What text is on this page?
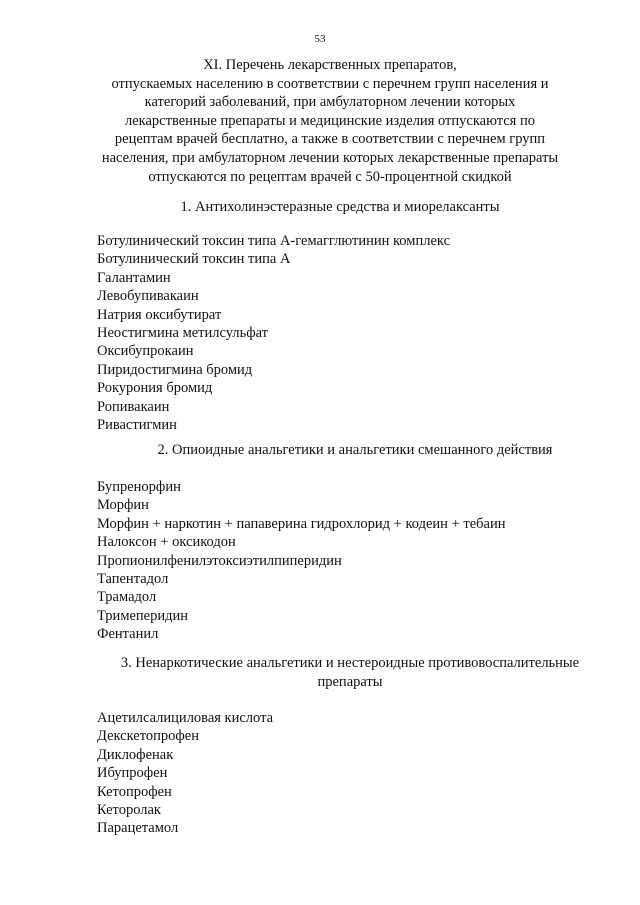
53
XI. Перечень лекарственных препаратов,
отпускаемых населению в соответствии с перечнем групп населения и
категорий заболеваний, при амбулаторном лечении которых
лекарственные препараты и медицинские изделия отпускаются по
рецептам врачей бесплатно, а также в соответствии с перечнем групп
населения, при амбулаторном лечении которых лекарственные препараты
отпускаются по рецептам врачей с 50-процентной скидкой
1. Антихолинэстеразные средства и миорелаксанты
Ботулинический токсин типа A-гемагглютинин комплекс
Ботулинический токсин типа A
Галантамин
Левобупивакаин
Натрия оксибутират
Неостигмина метилсульфат
Оксибупрокаин
Пиридостигмина бромид
Рокурония бромид
Ропивакаин
Ривастигмин
2. Опиоидные анальгетики и анальгетики смешанного действия
Бупренорфин
Морфин
Морфин + наркотин + папаверина гидрохлорид + кодеин + тебаин
Налоксон + оксикодон
Пропионилфенилэтоксиэтилпиперидин
Тапентадол
Трамадол
Тримеперидин
Фентанил
3. Ненаркотические анальгетики и нестероидные противовоспалительные
препараты
Ацетилсалициловая кислота
Декскетопрофен
Диклофенак
Ибупрофен
Кетопрофен
Кеторолак
Парацетамол
